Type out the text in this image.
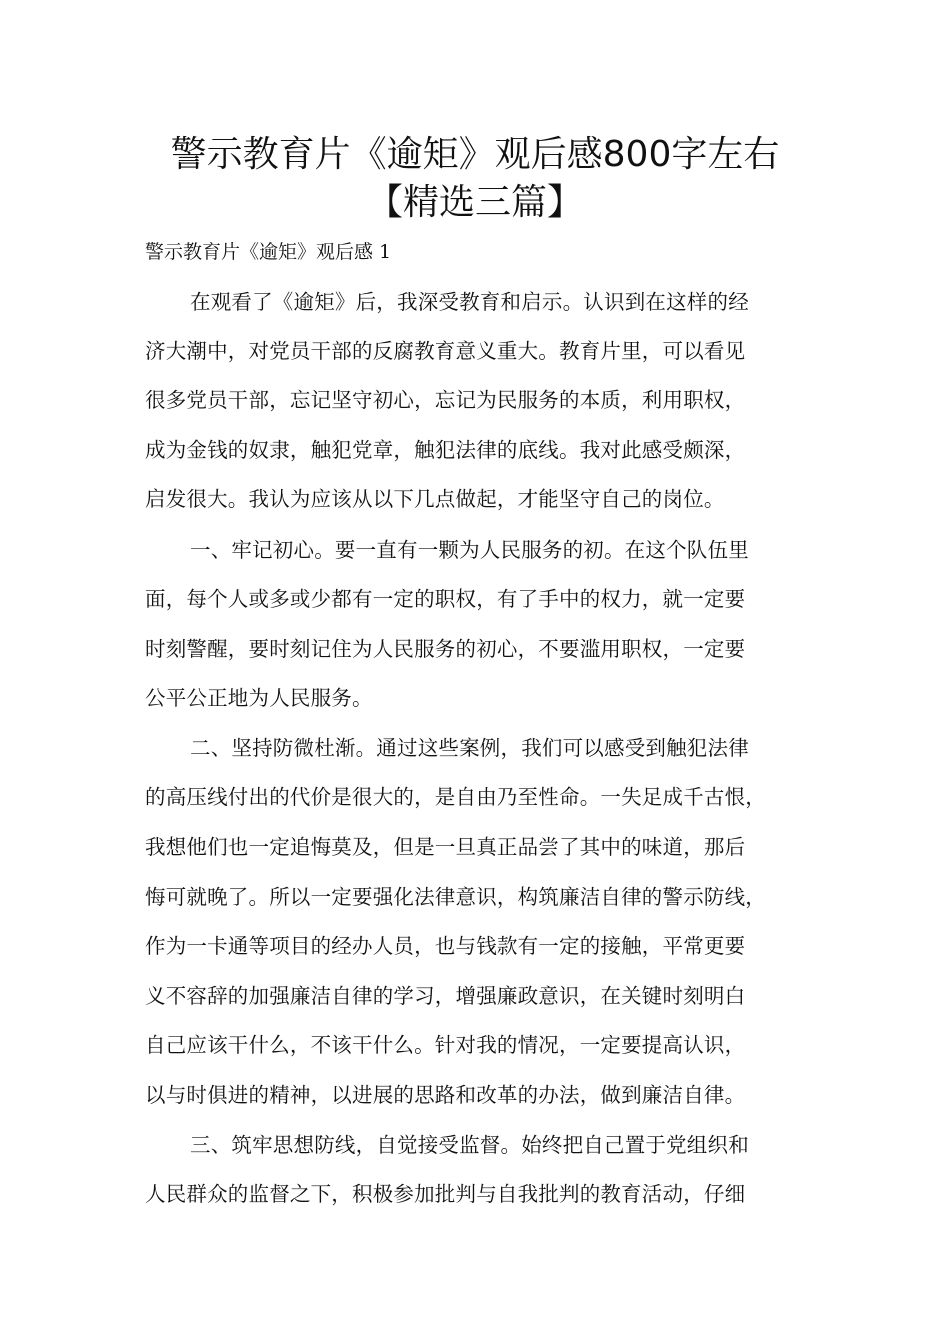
警示教育片《逾矩》观后感800字左右
【精选三篇】

警示教育片《逾矩》观后感 1

在观看了《逾矩》后，我深受教育和启示。认识到在这样的经

济大潮中，对党员干部的反腐教育意义重大。教育片里，可以看见

很多党员干部，忘记坚守初心，忘记为民服务的本质，利用职权，

成为金钱的奴隶，触犯党章，触犯法律的底线。我对此感受颇深，

启发很大。我认为应该从以下几点做起，才能坚守自己的岗位。

一、牢记初心。要一直有一颗为人民服务的初。在这个队伍里

面，每个人或多或少都有一定的职权，有了手中的权力，就一定要

时刻警醒，要时刻记住为人民服务的初心，不要滥用职权，一定要

公平公正地为人民服务。

二、坚持防微杜渐。通过这些案例，我们可以感受到触犯法律

的高压线付出的代价是很大的，是自由乃至性命。一失足成千古恨，

我想他们也一定追悔莫及，但是一旦真正品尝了其中的味道，那后

悔可就晚了。所以一定要强化法律意识，构筑廉洁自律的警示防线，

作为一卡通等项目的经办人员，也与钱款有一定的接触，平常更要

义不容辞的加强廉洁自律的学习，增强廉政意识，在关键时刻明白

自己应该干什么，不该干什么。针对我的情况，一定要提高认识，

以与时俱进的精神，以进展的思路和改革的办法，做到廉洁自律。

三、筑牢思想防线，自觉接受监督。始终把自己置于党组织和

人民群众的监督之下，积极参加批判与自我批判的教育活动，仔细
